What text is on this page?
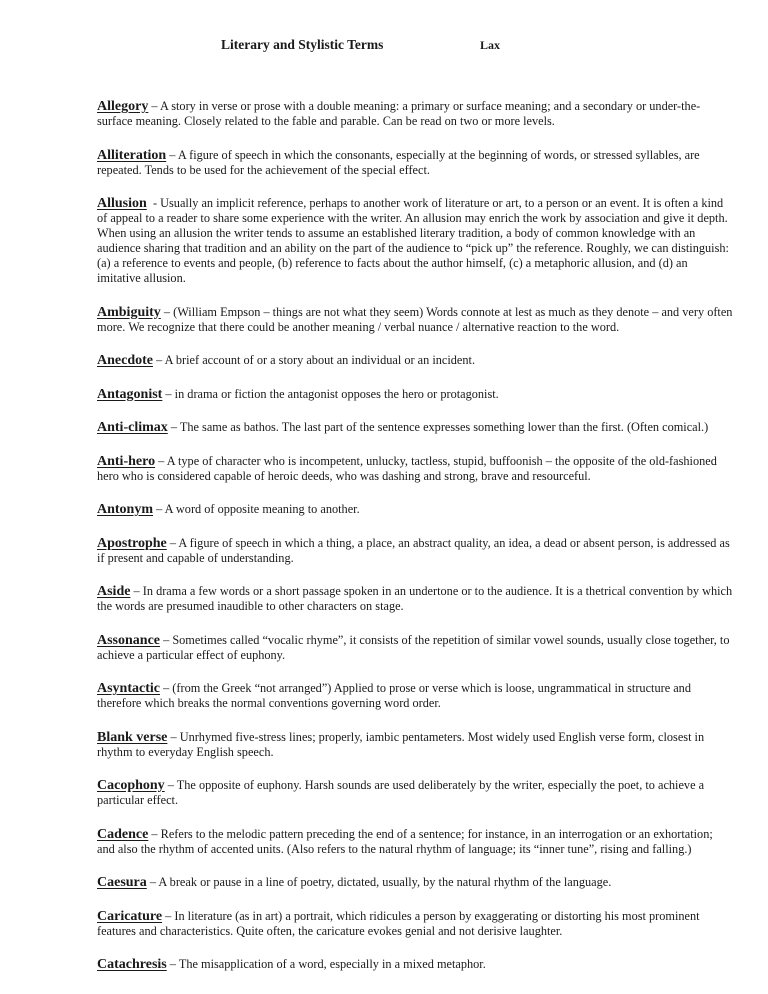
Literary and Stylistic Terms	Lax

Allegory – A story in verse or prose with a double meaning: a primary or surface meaning; and a secondary or under-the-surface meaning. Closely related to the fable and parable. Can be read on two or more levels.

Alliteration – A figure of speech in which the consonants, especially at the beginning of words, or stressed syllables, are repeated. Tends to be used for the achievement of the special effect.

Allusion  - Usually an implicit reference, perhaps to another work of literature or art, to a person or an event. It is often a kind of appeal to a reader to share some experience with the writer. An allusion may enrich the work by association and give it depth. When using an allusion the writer tends to assume an established literary tradition, a body of common knowledge with an audience sharing that tradition and an ability on the part of the audience to “pick up” the reference. Roughly, we can distinguish: (a) a reference to events and people, (b) reference to facts about the author himself, (c) a metaphoric allusion, and (d) an imitative allusion.

Ambiguity – (William Empson – things are not what they seem) Words connote at lest as much as they denote – and very often more. We recognize that there could be another meaning / verbal nuance / alternative reaction to the word.

Anecdote – A brief account of or a story about an individual or an incident.

Antagonist – in drama or fiction the antagonist opposes the hero or protagonist.

Anti-climax – The same as bathos. The last part of the sentence expresses something lower than the first. (Often comical.)

Anti-hero – A type of character who is incompetent, unlucky, tactless, stupid, buffoonish – the opposite of the old-fashioned hero who is considered capable of heroic deeds, who was dashing and strong, brave and resourceful.

Antonym – A word of opposite meaning to another.

Apostrophe – A figure of speech in which a thing, a place, an abstract quality, an idea, a dead or absent person, is addressed as if present and capable of understanding.

Aside – In drama a few words or a short passage spoken in an undertone or to the audience. It is a thetrical convention by which the words are presumed inaudible to other characters on stage.

Assonance – Sometimes called “vocalic rhyme”, it consists of the repetition of similar vowel sounds, usually close together, to achieve a particular effect of euphony.

Asyntactic – (from the Greek “not arranged”) Applied to prose or verse which is loose, ungrammatical in structure and therefore which breaks the normal conventions governing word order.

Blank verse – Unrhymed five-stress lines; properly, iambic pentameters. Most widely used English verse form, closest in rhythm to everyday English speech.

Cacophony – The opposite of euphony. Harsh sounds are used deliberately by the writer, especially the poet, to achieve a particular effect.

Cadence – Refers to the melodic pattern preceding the end of a sentence; for instance, in an interrogation or an exhortation; and also the rhythm of accented units. (Also refers to the natural rhythm of language; its “inner tune”, rising and falling.)

Caesura – A break or pause in a line of poetry, dictated, usually, by the natural rhythm of the language.

Caricature – In literature (as in art) a portrait, which ridicules a person by exaggerating or distorting his most prominent features and characteristics. Quite often, the caricature evokes genial and not derisive laughter.

Catachresis – The misapplication of a word, especially in a mixed metaphor.
